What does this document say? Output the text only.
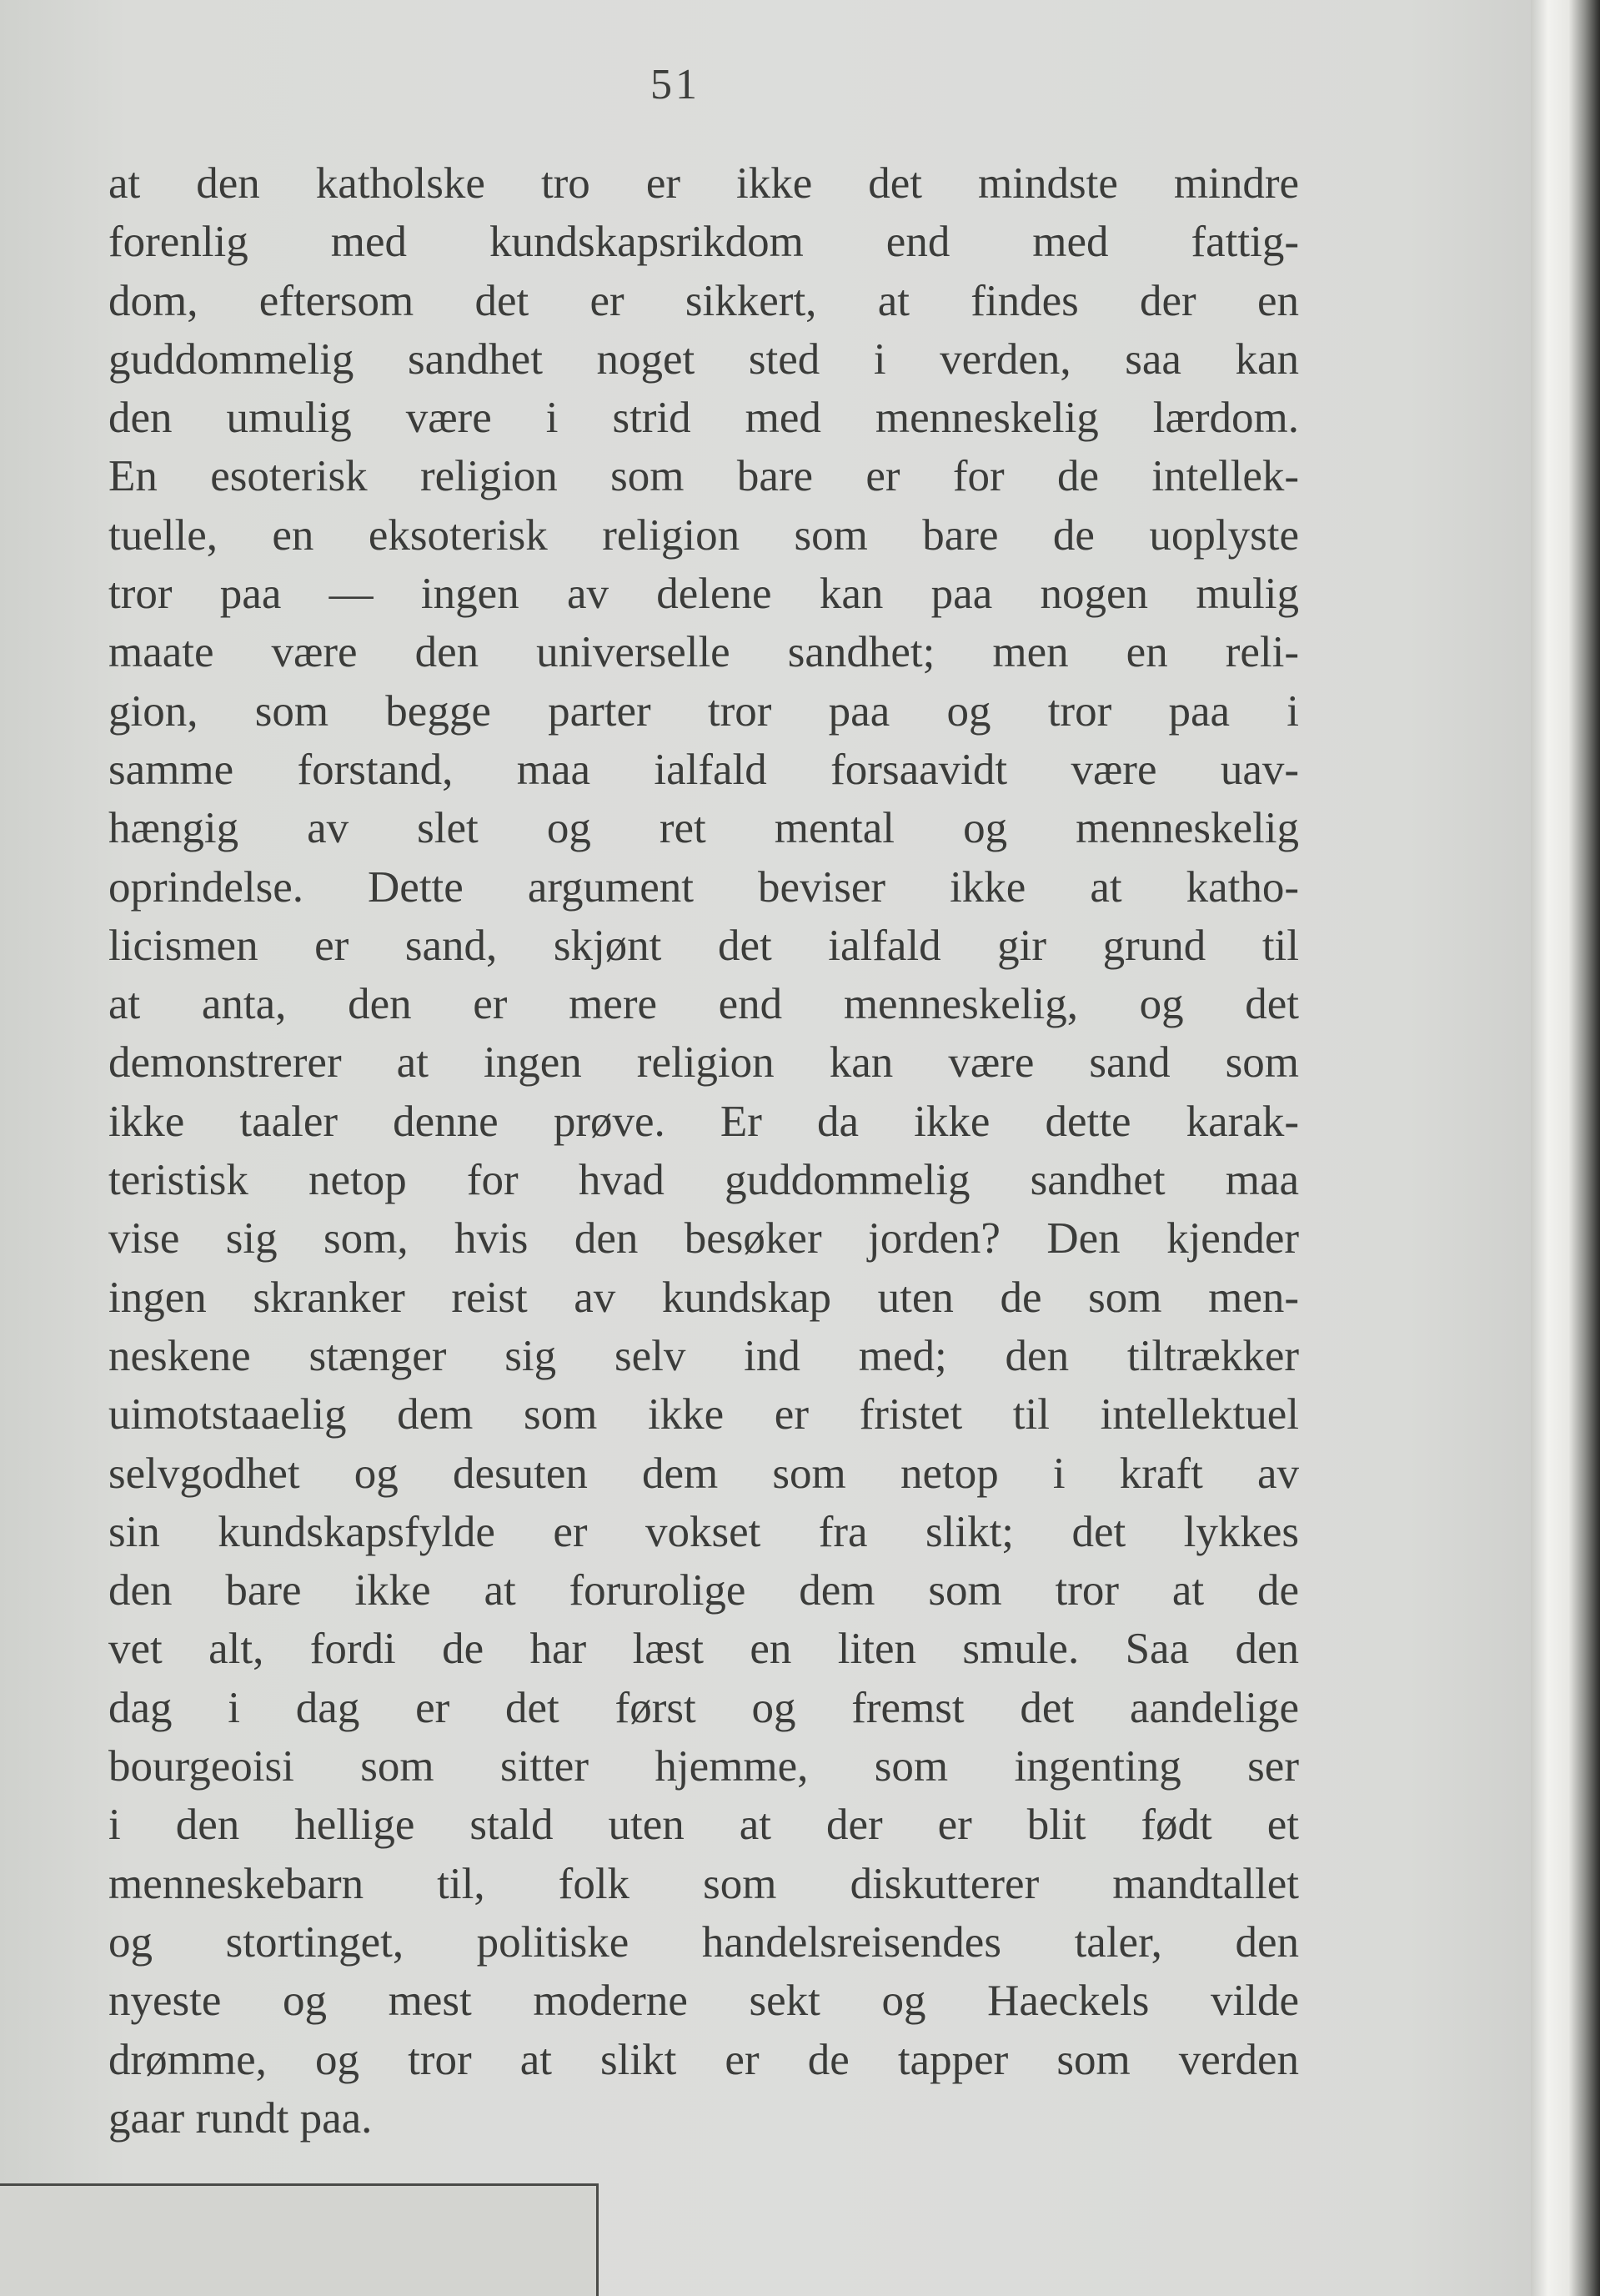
51
at den katholske tro er ikke det mindste mindre
forenlig med kundskapsrikdom end med fattig-
dom, eftersom det er sikkert, at findes der en
guddommelig sandhet noget sted i verden, saa kan
den umulig være i strid med menneskelig lærdom.
En esoterisk religion som bare er for de intellek-
tuelle, en eksoterisk religion som bare de uoplyste
tror paa — ingen av delene kan paa nogen mulig
maate være den universelle sandhet; men en reli-
gion, som begge parter tror paa og tror paa i
samme forstand, maa ialfald forsaavidt være uav-
hængig av slet og ret mental og menneskelig
oprindelse. Dette argument beviser ikke at katho-
licismen er sand, skjønt det ialfald gir grund til
at anta, den er mere end menneskelig, og det
demonstrerer at ingen religion kan være sand som
ikke taaler denne prøve. Er da ikke dette karak-
teristisk netop for hvad guddommelig sandhet maa
vise sig som, hvis den besøker jorden? Den kjender
ingen skranker reist av kundskap uten de som men-
neskene stænger sig selv ind med; den tiltrækker
uimotstaaelig dem som ikke er fristet til intellektuel
selvgodhet og desuten dem som netop i kraft av
sin kundskapsfylde er vokset fra slikt; det lykkes
den bare ikke at forurolige dem som tror at de
vet alt, fordi de har læst en liten smule. Saa den
dag i dag er det først og fremst det aandelige
bourgeoisi som sitter hjemme, som ingenting ser
i den hellige stald uten at der er blit født et
menneskebarn til, folk som diskutterer mandtallet
og stortinget, politiske handelsreisendes taler, den
nyeste og mest moderne sekt og Haeckels vilde
drømme, og tror at slikt er de tapper som verden
gaar rundt paa.
